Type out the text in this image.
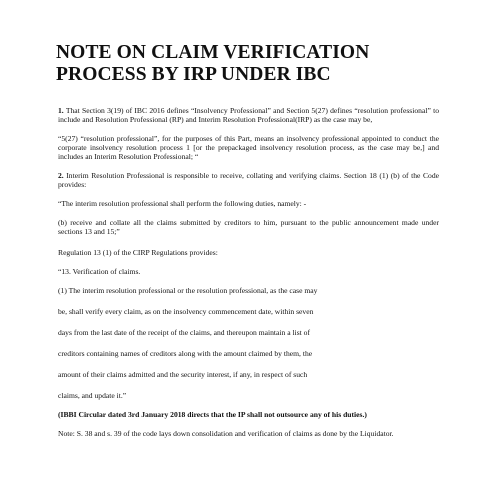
NOTE ON CLAIM VERIFICATION
PROCESS BY IRP UNDER IBC

1. That Section 3(19) of IBC 2016 defines “Insolvency Professional” and Section 5(27) defines “resolution professional” to include and Resolution Professional (RP) and Interim Resolution Professional(IRP) as the case may be,

“5(27) “resolution professional”, for the purposes of this Part, means an insolvency professional appointed to conduct the corporate insolvency resolution process 1 [or the prepackaged insolvency resolution process, as the case may be,] and includes an Interim Resolution Professional; “

2. Interim Resolution Professional is responsible to receive, collating and verifying claims. Section 18 (1) (b) of the Code provides:

“The interim resolution professional shall perform the following duties, namely: -

(b) receive and collate all the claims submitted by creditors to him, pursuant to the public announcement made under sections 13 and 15;”

Regulation 13 (1) of the CIRP Regulations provides:

“13. Verification of claims.

(1) The interim resolution professional or the resolution professional, as the case may

be, shall verify every claim, as on the insolvency commencement date, within seven

days from the last date of the receipt of the claims, and thereupon maintain a list of

creditors containing names of creditors along with the amount claimed by them, the

amount of their claims admitted and the security interest, if any, in respect of such

claims, and update it.”

(IBBI Circular dated 3rd January 2018 directs that the IP shall not outsource any of his duties.)

Note: S. 38 and s. 39 of the code lays down consolidation and verification of claims as done by the Liquidator.
